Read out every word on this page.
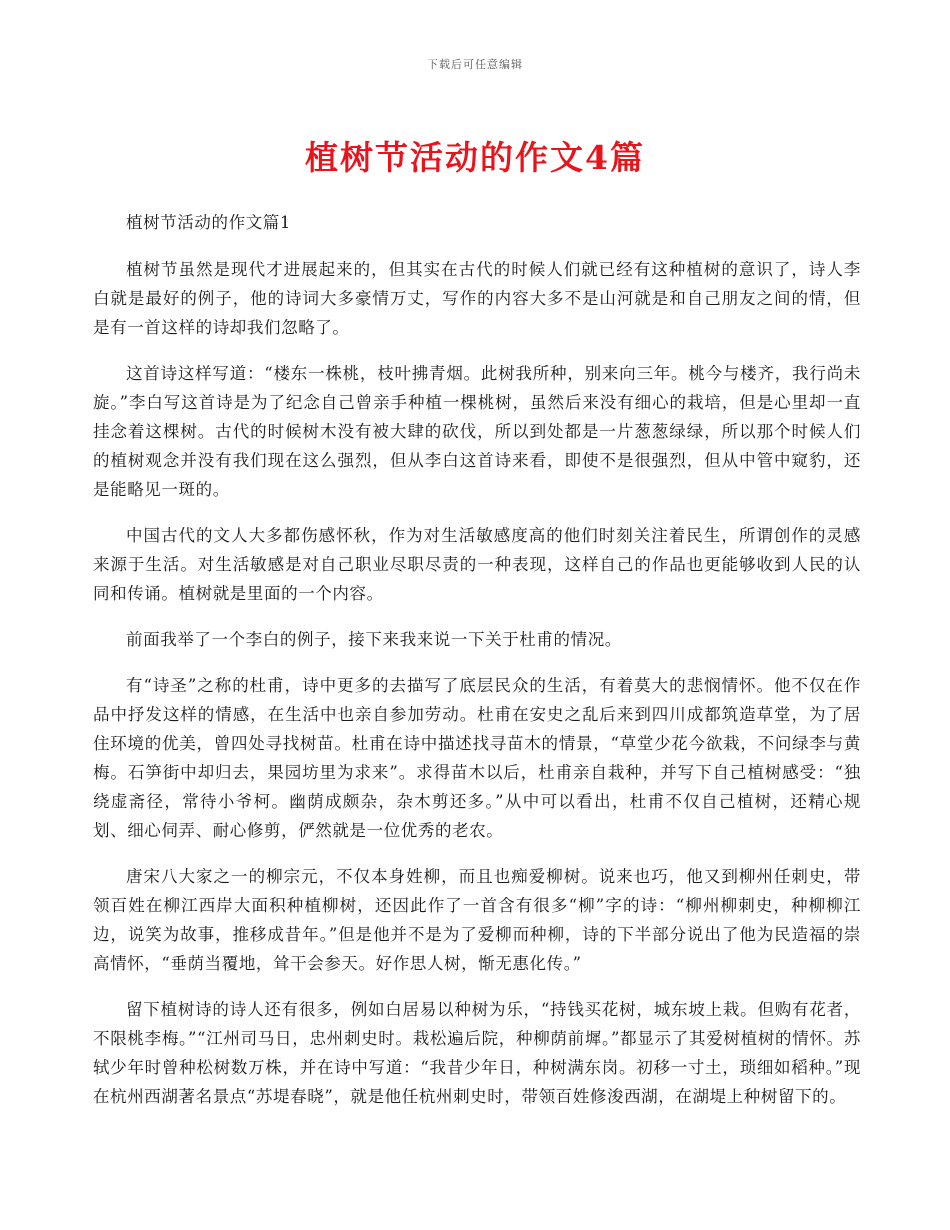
下载后可任意编辑
植树节活动的作文4篇

植树节活动的作文篇1

植树节虽然是现代才进展起来的，但其实在古代的时候人们就已经有这种植树的意识了，诗人李白就是最好的例子，他的诗词大多豪情万丈，写作的内容大多不是山河就是和自己朋友之间的情，但是有一首这样的诗却我们忽略了。

这首诗这样写道：“楼东一株桃，枝叶拂青烟。此树我所种，别来向三年。桃今与楼齐，我行尚未旋。”李白写这首诗是为了纪念自己曾亲手种植一棵桃树，虽然后来没有细心的栽培，但是心里却一直挂念着这棵树。古代的时候树木没有被大肆的砍伐，所以到处都是一片葱葱绿绿，所以那个时候人们的植树观念并没有我们现在这么强烈，但从李白这首诗来看，即使不是很强烈，但从中管中窥豹，还是能略见一斑的。

中国古代的文人大多都伤感怀秋，作为对生活敏感度高的他们时刻关注着民生，所谓创作的灵感来源于生活。对生活敏感是对自己职业尽职尽责的一种表现，这样自己的作品也更能够收到人民的认同和传诵。植树就是里面的一个内容。

前面我举了一个李白的例子，接下来我来说一下关于杜甫的情况。

有“诗圣”之称的杜甫，诗中更多的去描写了底层民众的生活，有着莫大的悲悯情怀。他不仅在作品中抒发这样的情感，在生活中也亲自参加劳动。杜甫在安史之乱后来到四川成都筑造草堂，为了居住环境的优美，曾四处寻找树苗。杜甫在诗中描述找寻苗木的情景，“草堂少花今欲栽，不问绿李与黄梅。石笋街中却归去，果园坊里为求来”。求得苗木以后，杜甫亲自栽种，并写下自己植树感受：“独绕虚斋径，常待小爷柯。幽荫成颇杂，杂木剪还多。”从中可以看出，杜甫不仅自己植树，还精心规划、细心伺弄、耐心修剪，俨然就是一位优秀的老农。

唐宋八大家之一的柳宗元，不仅本身姓柳，而且也痴爱柳树。说来也巧，他又到柳州任刺史，带领百姓在柳江西岸大面积种植柳树，还因此作了一首含有很多“柳”字的诗：“柳州柳刺史，种柳柳江边，说笑为故事，推移成昔年。”但是他并不是为了爱柳而种柳，诗的下半部分说出了他为民造福的崇高情怀，“垂荫当覆地，耸干会参天。好作思人树，惭无惠化传。”

留下植树诗的诗人还有很多，例如白居易以种树为乐，“持钱买花树，城东坡上栽。但购有花者，不限桃李梅。”“江州司马日，忠州刺史时。栽松遍后院，种柳荫前墀。”都显示了其爱树植树的情怀。苏轼少年时曾种松树数万株，并在诗中写道：“我昔少年日，种树满东岗。初移一寸土，琐细如稻种。”现在杭州西湖著名景点“苏堤春晓”，就是他任杭州刺史时，带领百姓修浚西湖，在湖堤上种树留下的。
